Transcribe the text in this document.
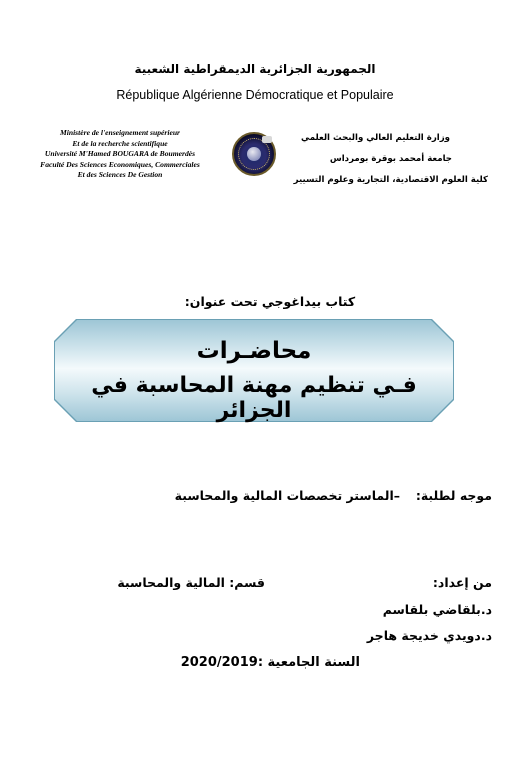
الجمهورية الجزائرية الديمقراطية الشعبية
République Algérienne Démocratique et Populaire
Ministère de l'enseignement supérieur
Et de la recherche scientifique
Université M'Hamed BOUGARA de Boumerdès
Faculté Des Sciences Economiques, Commerciales
Et des Sciences De Gestion
وزارة التعليم العالي والبحث العلمي
جامعة أمحمد بوقرة بومرداس
كلية العلوم الاقتصادية، التجارية وعلوم التسيير
كتاب بيداغوجي تحت عنوان:
محاضـرات
فـي تنظيم مهنة المحاسبة في الجزائر
موجه لطلبة:
–الماستر تخصصات المالية والمحاسبة
من إعداد:
قسم: المالية والمحاسبة
د.بلقاضي بلقاسم
د.دويدي خديجة هاجر
السنة الجامعية :2020/2019
